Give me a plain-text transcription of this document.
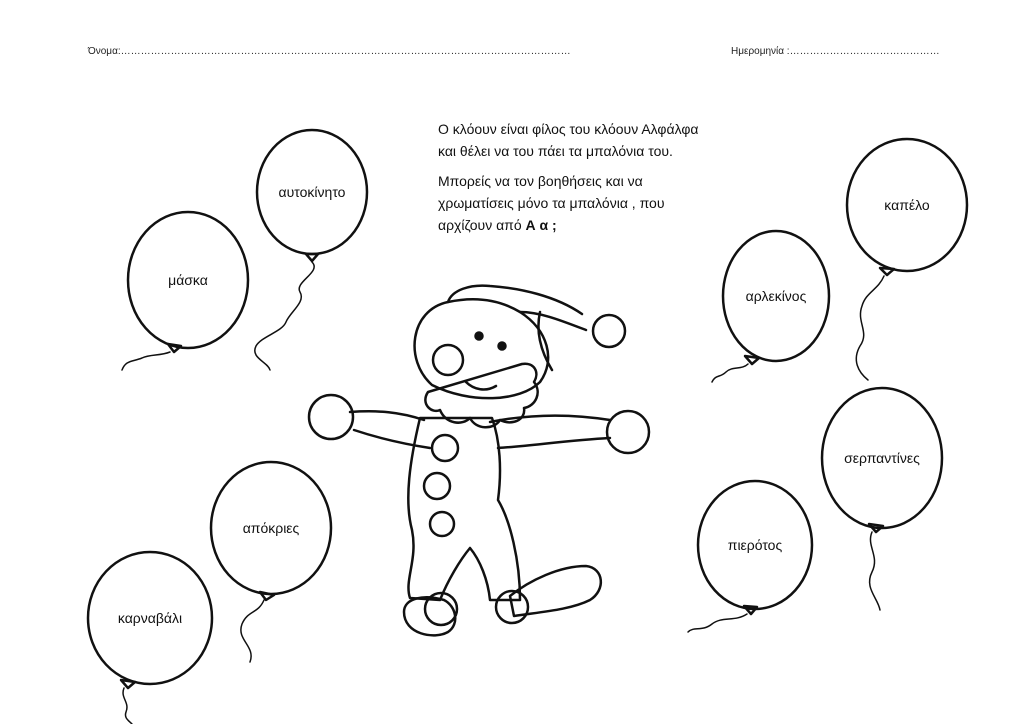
Όνομα:………………………………………………………………………………………………………………………	Ημερομηνία :………………………………………

Ο κλόουν είναι φίλος του κλόουν Αλφάλφα και θέλει να του πάει τα μπαλόνια του.

Μπορείς να τον βοηθήσεις και να χρωματίσεις μόνο τα μπαλόνια , που αρχίζουν από Α α ;

αυτοκίνητο
μάσκα
απόκριες
καρναβάλι
καπέλο
αρλεκίνος
σερπαντίνες
πιερότος
